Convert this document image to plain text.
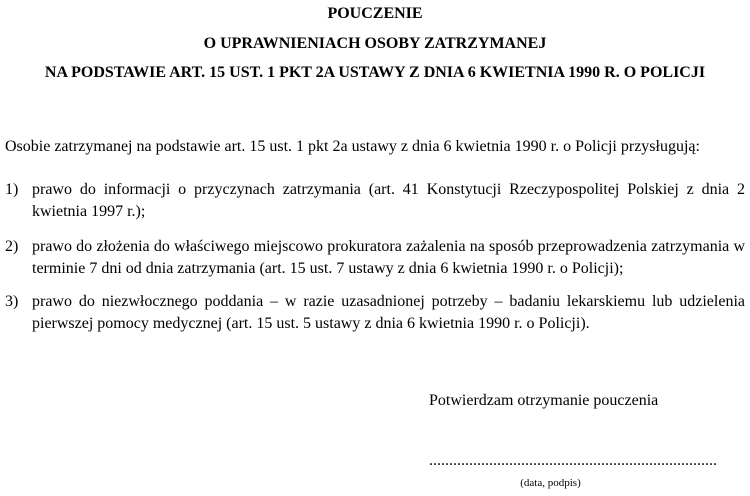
POUCZENIE
O UPRAWNIENIACH OSOBY ZATRZYMANEJ
NA PODSTAWIE ART. 15 UST. 1 PKT 2A USTAWY Z DNIA 6 KWIETNIA 1990 R. O POLICJI
Osobie zatrzymanej na podstawie art. 15 ust. 1 pkt 2a ustawy z dnia 6 kwietnia 1990 r. o Policji przysługują:
1) prawo do informacji o przyczynach zatrzymania (art. 41 Konstytucji Rzeczypospolitej Polskiej z dnia 2 kwietnia 1997 r.);
2) prawo do złożenia do właściwego miejscowo prokuratora zażalenia na sposób przeprowadzenia zatrzymania w terminie 7 dni od dnia zatrzymania (art. 15 ust. 7 ustawy z dnia 6 kwietnia 1990 r. o Policji);
3) prawo do niezwłocznego poddania – w razie uzasadnionej potrzeby – badaniu lekarskiemu lub udzielenia pierwszej pomocy medycznej (art. 15 ust. 5 ustawy z dnia 6 kwietnia 1990 r. o Policji).
Potwierdzam otrzymanie pouczenia
........................................................................
(data, podpis)
